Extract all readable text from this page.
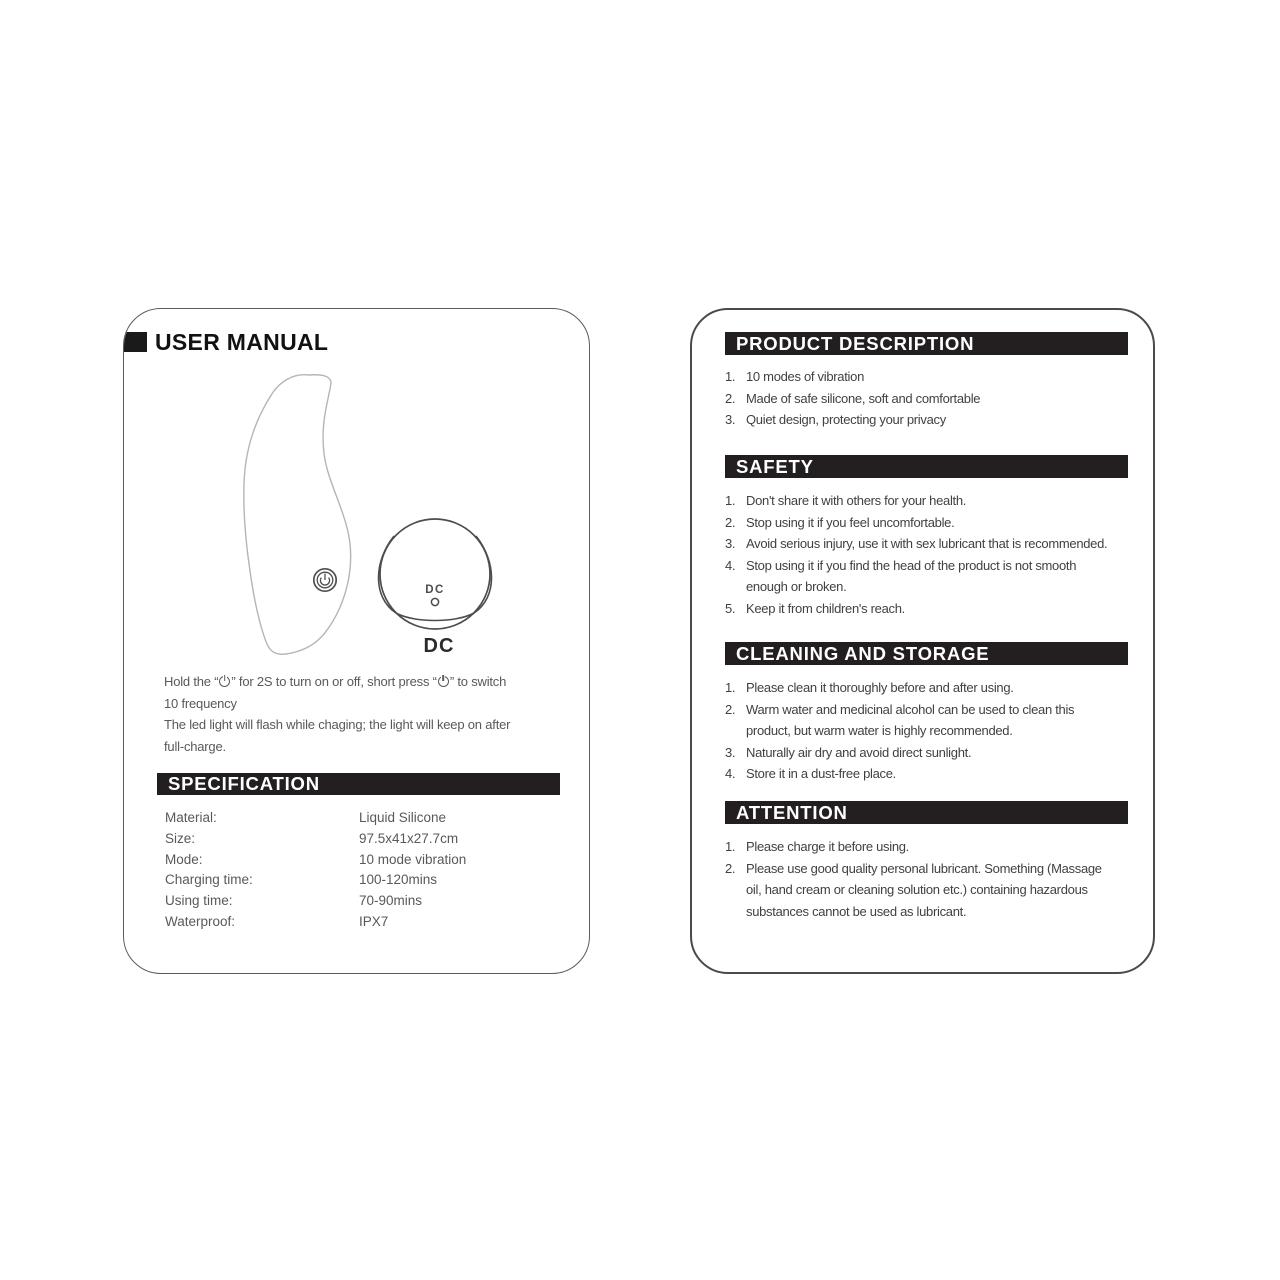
USER MANUAL
DC
DC
Hold the “ ” for 2S to turn on or off, short press “ ” to switch
10 frequency
The led light will flash while chaging; the light will keep on after
full-charge.
SPECIFICATION
Material:	Liquid Silicone
Size:	97.5x41x27.7cm
Mode:	10 mode vibration
Charging time:	100-120mins
Using time:	70-90mins
Waterproof:	IPX7
PRODUCT DESCRIPTION
1. 10 modes of vibration
2. Made of safe silicone, soft and comfortable
3. Quiet design, protecting your privacy
SAFETY
1. Don't share it with others for your health.
2. Stop using it if you feel uncomfortable.
3. Avoid serious injury, use it with sex lubricant that is recommended.
4. Stop using it if you find the head of the product is not smooth
enough or broken.
5. Keep it from children's reach.
CLEANING AND STORAGE
1. Please clean it thoroughly before and after using.
2. Warm water and medicinal alcohol can be used to clean this
product, but warm water is highly recommended.
3. Naturally air dry and avoid direct sunlight.
4. Store it in a dust-free place.
ATTENTION
1. Please charge it before using.
2. Please use good quality personal lubricant. Something (Massage
oil, hand cream or cleaning solution etc.) containing hazardous
substances cannot be used as lubricant.
